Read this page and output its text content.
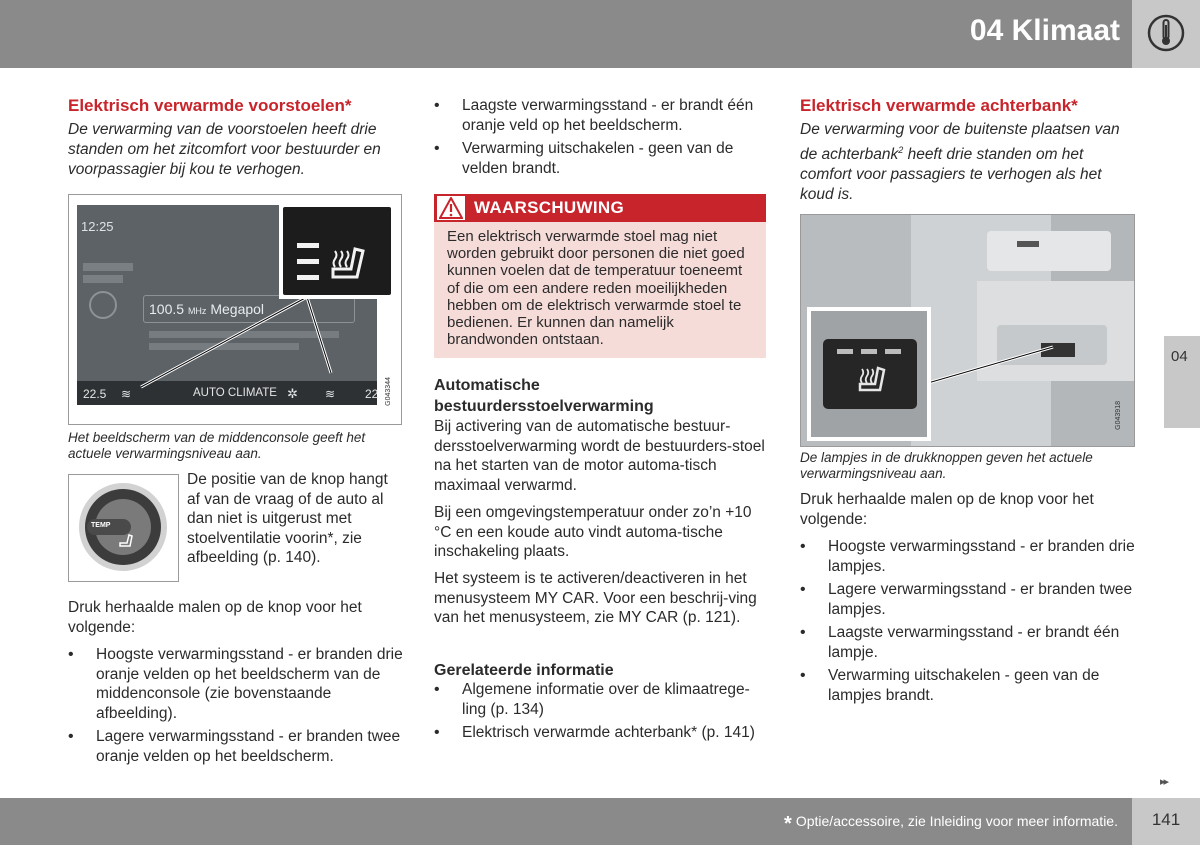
04 Klimaat
04
Elektrisch verwarmde voorstoelen*
De verwarming van de voorstoelen heeft drie standen om het zitcomfort voor bestuurder en voorpassagier bij kou te verhogen.
12:25
100.5 MHz Megapol
22.5 ≋	AUTO CLIMATE ✲ ≋ 22 G043344
Het beeldscherm van de middenconsole geeft het actuele verwarmingsniveau aan.
TEMP
De positie van de knop hangt af van de vraag of de auto al dan niet is uitgerust met stoelventilatie voorin*, zie afbeelding (p. 140).
Druk herhaalde malen op de knop voor het volgende:
• Hoogste verwarmingsstand - er branden drie oranje velden op het beeldscherm van de middenconsole (zie bovenstaande afbeelding).
• Lagere verwarmingsstand - er branden twee oranje velden op het beeldscherm.
• Laagste verwarmingsstand - er brandt één oranje veld op het beeldscherm.
• Verwarming uitschakelen - geen van de velden brandt.
WAARSCHUWING
Een elektrisch verwarmde stoel mag niet worden gebruikt door personen die niet goed kunnen voelen dat de temperatuur toeneemt of die om een andere reden moeilijkheden hebben om de elektrisch verwarmde stoel te bedienen. Er kunnen dan namelijk brandwonden ontstaan.
Automatische bestuurdersstoelverwarming
Bij activering van de automatische bestuur-dersstoelverwarming wordt de bestuurders-stoel na het starten van de motor automa-tisch maximaal verwarmd.
Bij een omgevingstemperatuur onder zo’n +10 °C en een koude auto vindt automa-tische inschakeling plaats.
Het systeem is te activeren/deactiveren in het menusysteem MY CAR. Voor een beschrij-ving van het menusysteem, zie MY CAR (p. 121).
Gerelateerde informatie
• Algemene informatie over de klimaatrege-ling (p. 134)
• Elektrisch verwarmde achterbank* (p. 141)
Elektrisch verwarmde achterbank*
De verwarming voor de buitenste plaatsen van de achterbank$^2$ heeft drie standen om het comfort voor passagiers te verhogen als het koud is.
G043918
De lampjes in de drukknoppen geven het actuele verwarmingsniveau aan.
Druk herhaalde malen op de knop voor het volgende:
• Hoogste verwarmingsstand - er branden drie lampjes.
• Lagere verwarmingsstand - er branden twee lampjes.
• Laagste verwarmingsstand - er brandt één lampje.
• Verwarming uitschakelen - geen van de lampjes brandt.
▸▸
* Optie/accessoire, zie Inleiding voor meer informatie.	141
